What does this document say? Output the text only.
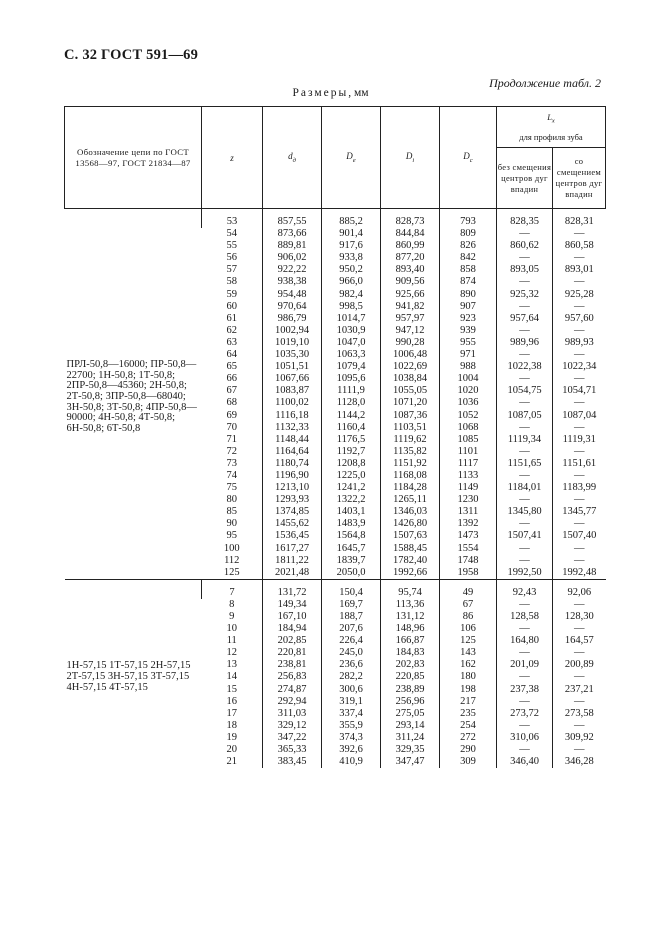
С. 32 ГОСТ 591—69
Продолжение табл. 2
Размеры, мм
Обозначение цепи по ГОСТ 13568—97, ГОСТ 21834—87	z	$d_д$	$D_е$	$D_i$	$D_c$	$L_x$
для профиля зуба	
						без смещения центров дуг впадин	со смещением центров дуг впадин
ПРЛ-50,8—16000; ПР-50,8—22700; 1Н-50,8; 1Т-50,8; 2ПР-50,8—45360; 2Н-50,8; 2Т-50,8; 3ПР-50,8—68040; 3Н-50,8; 3Т-50,8; 4ПР-50,8—90000; 4Н-50,8; 4Т-50,8; 6Н-50,8; 6Т-50,8	53	857,55	885,2	828,73	793	828,35	828,31
	54	873,66	901,4	844,84	809	—	—
	55	889,81	917,6	860,99	826	860,62	860,58
	56	906,02	933,8	877,20	842	—	—
	57	922,22	950,2	893,40	858	893,05	893,01
	58	938,38	966,0	909,56	874	—	—
	59	954,48	982,4	925,66	890	925,32	925,28
	60	970,64	998,5	941,82	907	—	—
	61	986,79	1014,7	957,97	923	957,64	957,60
	62	1002,94	1030,9	947,12	939	—	—
	63	1019,10	1047,0	990,28	955	989,96	989,93
	64	1035,30	1063,3	1006,48	971	—	—
	65	1051,51	1079,4	1022,69	988	1022,38	1022,34
	66	1067,66	1095,6	1038,84	1004	—	—
	67	1083,87	1111,9	1055,05	1020	1054,75	1054,71
	68	1100,02	1128,0	1071,20	1036	—	—
	69	1116,18	1144,2	1087,36	1052	1087,05	1087,04
	70	1132,33	1160,4	1103,51	1068	—	—
	71	1148,44	1176,5	1119,62	1085	1119,34	1119,31
	72	1164,64	1192,7	1135,82	1101	—	—
	73	1180,74	1208,8	1151,92	1117	1151,65	1151,61
	74	1196,90	1225,0	1168,08	1133	—	—
	75	1213,10	1241,2	1184,28	1149	1184,01	1183,99
	80	1293,93	1322,2	1265,11	1230	—	—
	85	1374,85	1403,1	1346,03	1311	1345,80	1345,77
	90	1455,62	1483,9	1426,80	1392	—	—
	95	1536,45	1564,8	1507,63	1473	1507,41	1507,40
	100	1617,27	1645,7	1588,45	1554	—	—
	112	1811,22	1839,7	1782,40	1748	—	—
	125	2021,48	2050,0	1992,66	1958	1992,50	1992,48
1Н-57,15 1Т-57,15 2Н-57,15 2Т-57,15 3Н-57,15 3Т-57,15 4Н-57,15 4Т-57,15	7	131,72	150,4	95,74	49	92,43	92,06
	8	149,34	169,7	113,36	67	—	—
	9	167,10	188,7	131,12	86	128,58	128,30
	10	184,94	207,6	148,96	106	—	—
	11	202,85	226,4	166,87	125	164,80	164,57
	12	220,81	245,0	184,83	143	—	—
	13	238,81	236,6	202,83	162	201,09	200,89
	14	256,83	282,2	220,85	180	—	—
	15	274,87	300,6	238,89	198	237,38	237,21
	16	292,94	319,1	256,96	217	—	—
	17	311,03	337,4	275,05	235	273,72	273,58
	18	329,12	355,9	293,14	254	—	—
	19	347,22	374,3	311,24	272	310,06	309,92
	20	365,33	392,6	329,35	290	—	—
	21	383,45	410,9	347,47	309	346,40	346,28
